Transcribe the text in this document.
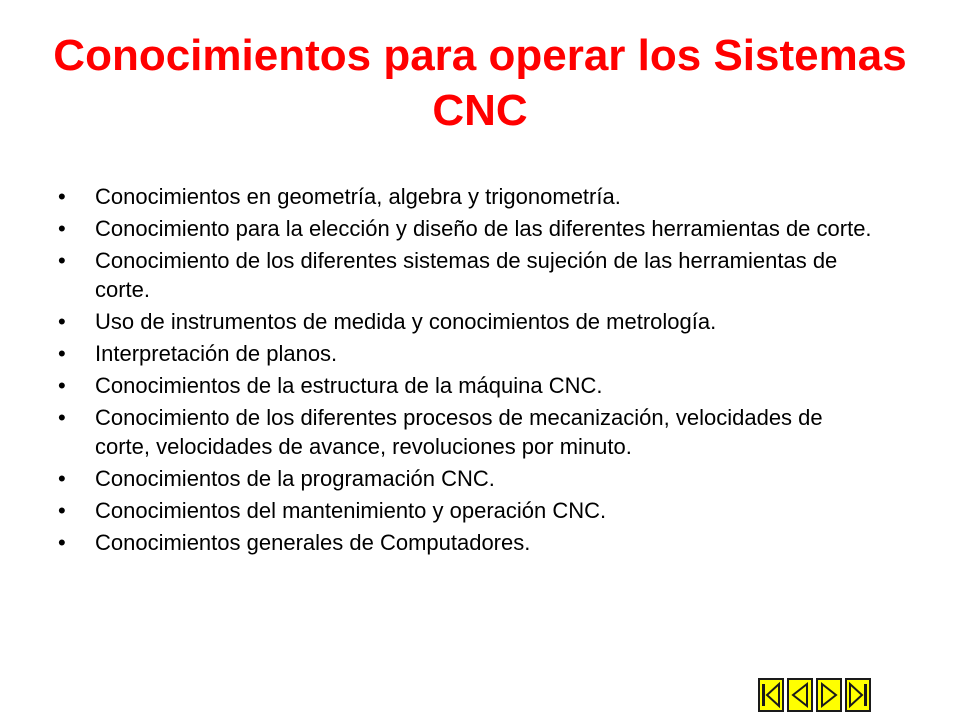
Conocimientos para operar los Sistemas CNC
• Conocimientos en geometría, algebra y trigonometría.
• Conocimiento para la elección y diseño de las diferentes herramientas de corte.
• Conocimiento de los diferentes sistemas de sujeción de las herramientas de corte.
• Uso de instrumentos de medida y conocimientos de metrología.
• Interpretación de planos.
• Conocimientos de la estructura de la máquina CNC.
• Conocimiento de los diferentes procesos de mecanización, velocidades de corte, velocidades de avance, revoluciones por minuto.
• Conocimientos de la programación CNC.
• Conocimientos del mantenimiento y operación CNC.
• Conocimientos generales de Computadores.
